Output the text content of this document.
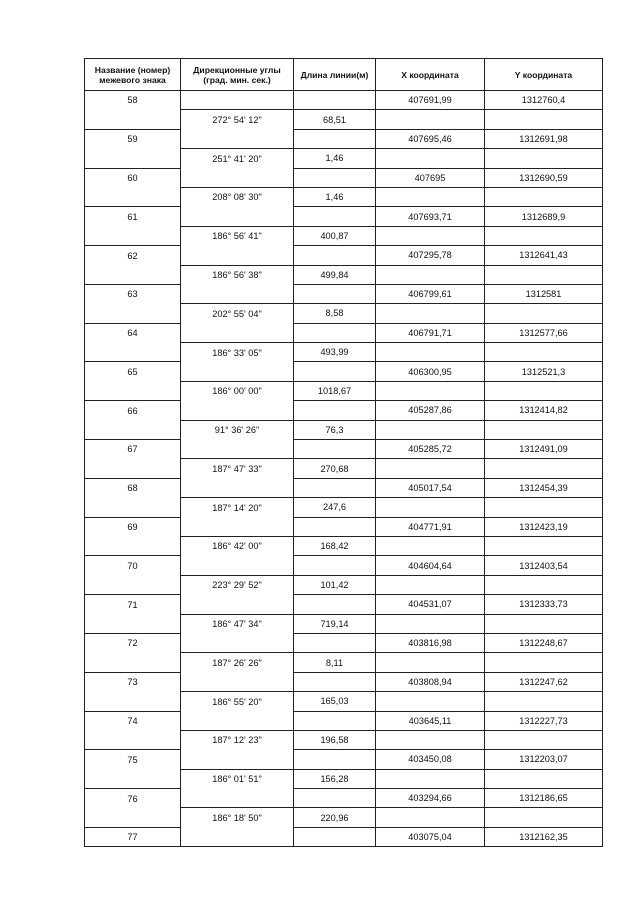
Название (номер) межевого знака	Дирекционные углы (град. мин. сек.)	Длина линии(м)	X координата	Y координата
58			407691,99	1312760,4
	272° 54' 12"	68,51		
59			407695,46	1312691,98
	251° 41' 20"	1,46		
60			407695	1312690,59
	208° 08' 30"	1,46		
61			407693,71	1312689,9
	186° 56' 41"	400,87		
62			407295,78	1312641,43
	186° 56' 38"	499,84		
63			406799,61	1312581
	202° 55' 04"	8,58		
64			406791,71	1312577,66
	186° 33' 05"	493,99		
65			406300,95	1312521,3
	186° 00' 00"	1018,67		
66			405287,86	1312414,82
	91° 36' 26"	76,3		
67			405285,72	1312491,09
	187° 47' 33"	270,68		
68			405017,54	1312454,39
	187° 14' 20"	247,6		
69			404771,91	1312423,19
	186° 42' 00"	168,42		
70			404604,64	1312403,54
	223° 29' 52"	101,42		
71			404531,07	1312333,73
	186° 47' 34"	719,14		
72			403816,98	1312248,67
	187° 26' 26"	8,11		
73			403808,94	1312247,62
	186° 55' 20"	165,03		
74			403645,11	1312227,73
	187° 12' 23"	196,58		
75			403450,08	1312203,07
	186° 01' 51"	156,28		
76			403294,66	1312186,65
	186° 18' 50"	220,96		
77			403075,04	1312162,35
